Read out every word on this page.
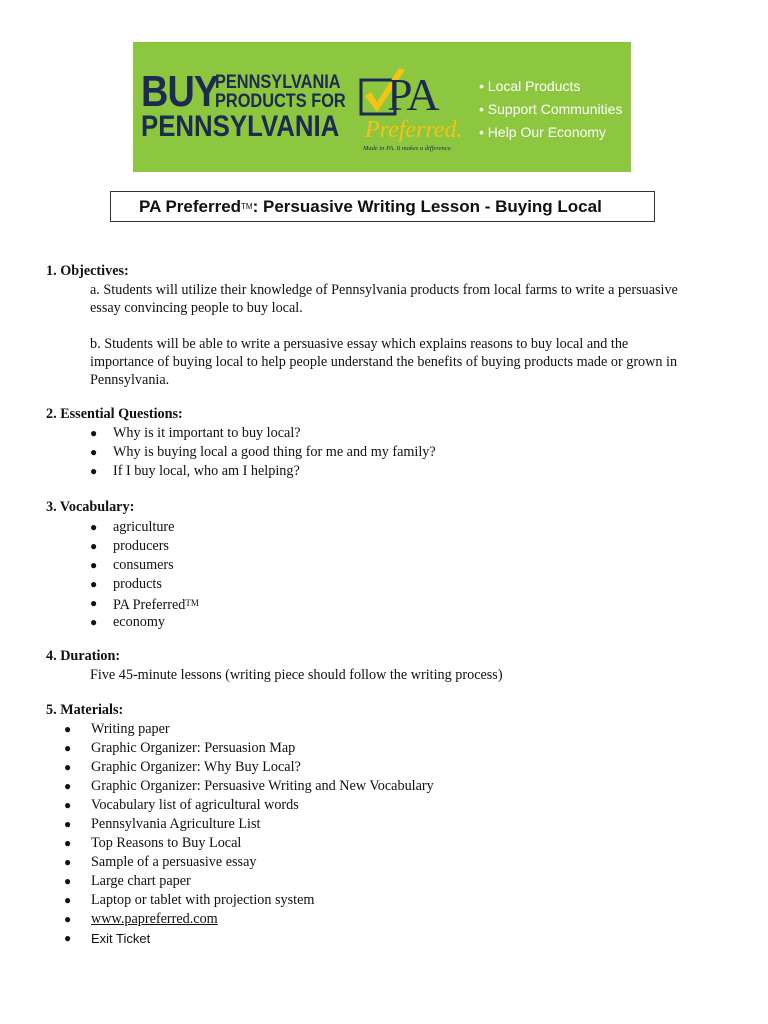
BUY
PENNSYLVANIA
PRODUCTS FOR
PENNSYLVANIA
PA
Preferred.
Made in PA. It makes a difference.
• Local Products
• Support Communities
• Help Our Economy
PA PreferredTM: Persuasive Writing Lesson - Buying Local
1. Objectives:
a. Students will utilize their knowledge of Pennsylvania products from local farms to write a persuasive
essay convincing people to buy local.
b. Students will be able to write a persuasive essay which explains reasons to buy local and the
importance of buying local to help people understand the benefits of buying products made or grown in
Pennsylvania.
2. Essential Questions:
● Why is it important to buy local?
● Why is buying local a good thing for me and my family?
● If I buy local, who am I helping?
3. Vocabulary:
● agriculture
● producers
● consumers
● products
● PA Preferred™
● economy
4. Duration:
Five 45-minute lessons (writing piece should follow the writing process)
5. Materials:
● Writing paper
● Graphic Organizer: Persuasion Map
● Graphic Organizer: Why Buy Local?
● Graphic Organizer: Persuasive Writing and New Vocabulary
● Vocabulary list of agricultural words
● Pennsylvania Agriculture List
● Top Reasons to Buy Local
● Sample of a persuasive essay
● Large chart paper
● Laptop or tablet with projection system
● www.papreferred.com
● Exit Ticket
